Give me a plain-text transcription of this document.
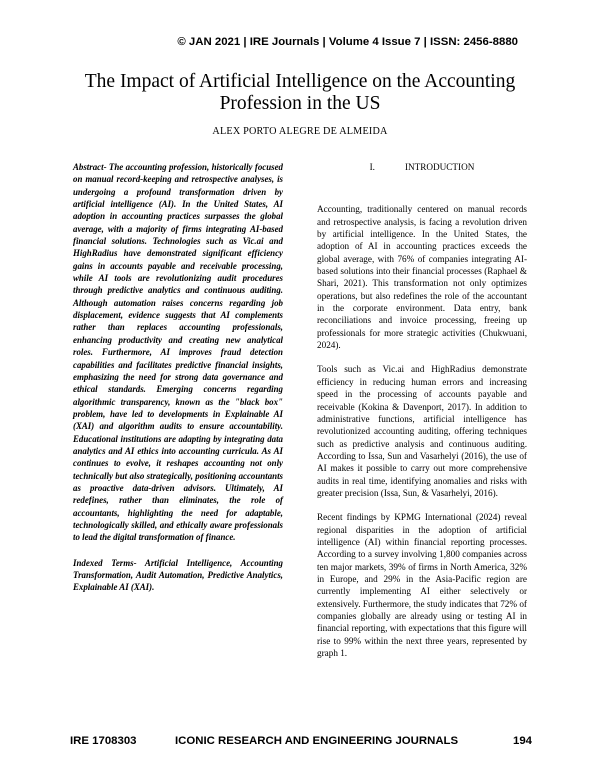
© JAN 2021 | IRE Journals | Volume 4 Issue 7 | ISSN: 2456-8880
The Impact of Artificial Intelligence on the Accounting Profession in the US
ALEX PORTO ALEGRE DE ALMEIDA

Abstract- The accounting profession, historically focused on manual record-keeping and retrospective analyses, is undergoing a profound transformation driven by artificial intelligence (AI). In the United States, AI adoption in accounting practices surpasses the global average, with a majority of firms integrating AI-based financial solutions. Technologies such as Vic.ai and HighRadius have demonstrated significant efficiency gains in accounts payable and receivable processing, while AI tools are revolutionizing audit procedures through predictive analytics and continuous auditing. Although automation raises concerns regarding job displacement, evidence suggests that AI complements rather than replaces accounting professionals, enhancing productivity and creating new analytical roles. Furthermore, AI improves fraud detection capabilities and facilitates predictive financial insights, emphasizing the need for strong data governance and ethical standards. Emerging concerns regarding algorithmic transparency, known as the "black box" problem, have led to developments in Explainable AI (XAI) and algorithm audits to ensure accountability. Educational institutions are adapting by integrating data analytics and AI ethics into accounting curricula. As AI continues to evolve, it reshapes accounting not only technically but also strategically, positioning accountants as proactive data-driven advisors. Ultimately, AI redefines, rather than eliminates, the role of accountants, highlighting the need for adaptable, technologically skilled, and ethically aware professionals to lead the digital transformation of finance.

Indexed Terms- Artificial Intelligence, Accounting Transformation, Audit Automation, Predictive Analytics, Explainable AI (XAI).

I.	INTRODUCTION

Accounting, traditionally centered on manual records and retrospective analysis, is facing a revolution driven by artificial intelligence. In the United States, the adoption of AI in accounting practices exceeds the global average, with 76% of companies integrating AI-based solutions into their financial processes (Raphael & Shari, 2021). This transformation not only optimizes operations, but also redefines the role of the accountant in the corporate environment. Data entry, bank reconciliations and invoice processing, freeing up professionals for more strategic activities (Chukwuani, 2024).

Tools such as Vic.ai and HighRadius demonstrate efficiency in reducing human errors and increasing speed in the processing of accounts payable and receivable (Kokina & Davenport, 2017). In addition to administrative functions, artificial intelligence has revolutionized accounting auditing, offering techniques such as predictive analysis and continuous auditing. According to Issa, Sun and Vasarhelyi (2016), the use of AI makes it possible to carry out more comprehensive audits in real time, identifying anomalies and risks with greater precision (Issa, Sun, & Vasarhelyi, 2016).

Recent findings by KPMG International (2024) reveal regional disparities in the adoption of artificial intelligence (AI) within financial reporting processes. According to a survey involving 1,800 companies across ten major markets, 39% of firms in North America, 32% in Europe, and 29% in the Asia-Pacific region are currently implementing AI either selectively or extensively. Furthermore, the study indicates that 72% of companies globally are already using or testing AI in financial reporting, with expectations that this figure will rise to 99% within the next three years, represented by graph 1.

IRE 1708303	ICONIC RESEARCH AND ENGINEERING JOURNALS	194
